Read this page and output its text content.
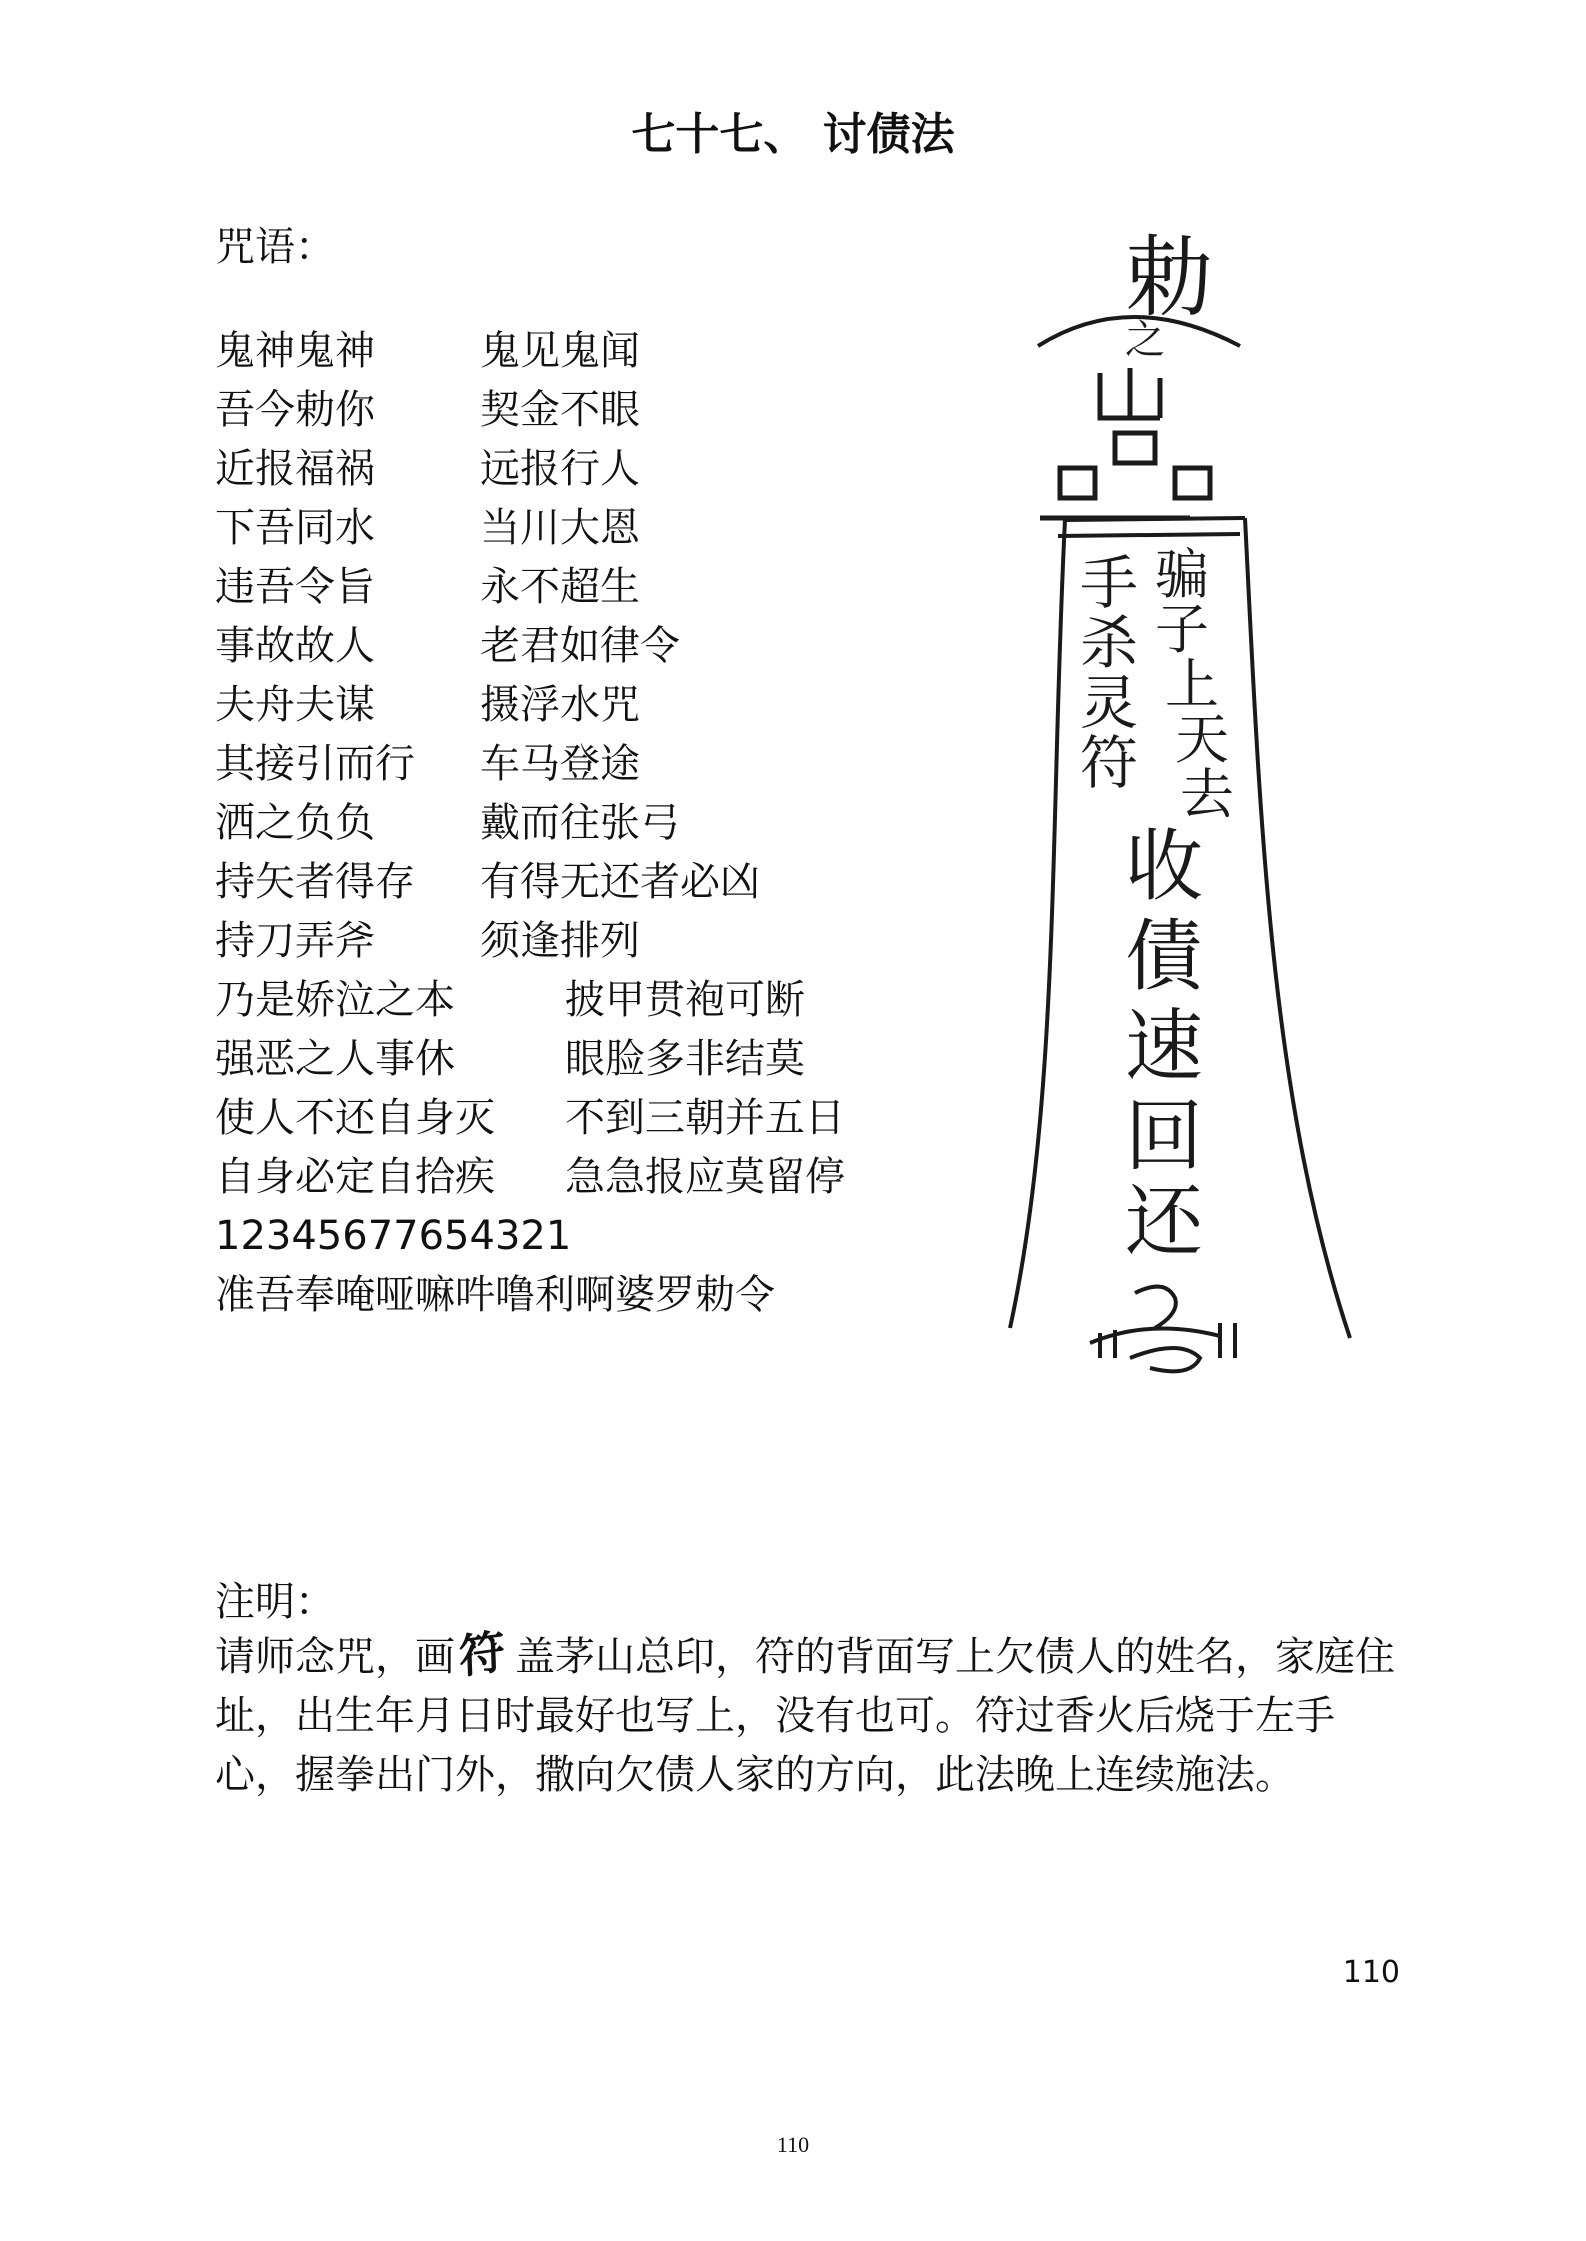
七十七、 讨债法
咒语：
鬼神鬼神	鬼见鬼闻
吾今勅你	契金不眼
近报福祸	远报行人
下吾同水	当川大恩
违吾令旨	永不超生
事故故人	老君如律令
夫舟夫谋	摄浮水咒
其接引而行 车马登途
洒之负负	戴而往张弓
持矢者得存 有得无还者必凶
持刀弄斧	须逢排列
乃是娇泣之本	披甲贯袍可断
强恶之人事休	眼脸多非结莫
使人不还自身灭 不到三朝并五日
自身必定自拾疾 急急报应莫留停
12345677654321
准吾奉唵哑嘛吽噜利啊婆罗勅令
勅
之
手
杀
灵
符
骗
子
上
天
去
收
債
速
回
还
注明：
请师念咒，画符 盖茅山总印，符的背面写上欠债人的姓名，家庭住址，出生年月日时最好也写上，没有也可。符过香火后烧于左手心，握拳出门外，撒向欠债人家的方向，此法晚上连续施法。
110
110
